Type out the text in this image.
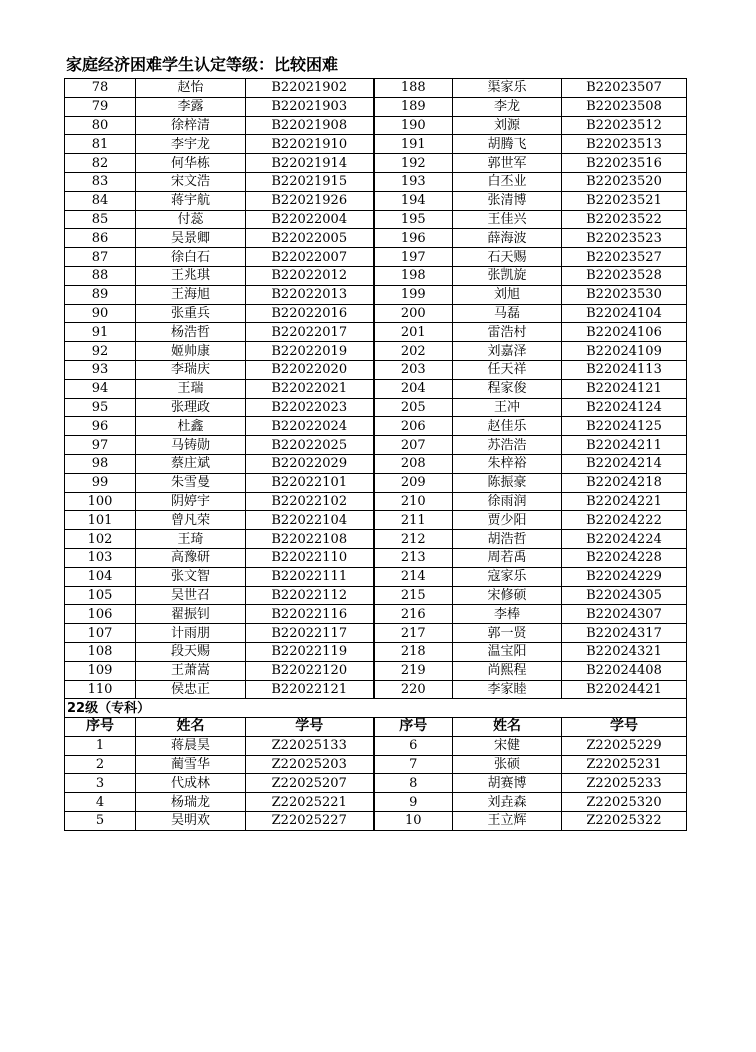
家庭经济困难学生认定等级：比较困难
78	赵怡	B22021902	188	渠家乐	B22023507
79	李露	B22021903	189	李龙	B22023508
80	徐梓清	B22021908	190	刘源	B22023512
81	李宇龙	B22021910	191	胡腾飞	B22023513
82	何华栋	B22021914	192	郭世军	B22023516
83	宋文浩	B22021915	193	白丕业	B22023520
84	蒋宇航	B22021926	194	张清博	B22023521
85	付蕊	B22022004	195	王佳兴	B22023522
86	吴景卿	B22022005	196	薛海波	B22023523
87	徐白石	B22022007	197	石天赐	B22023527
88	王兆琪	B22022012	198	张凯旋	B22023528
89	王海旭	B22022013	199	刘旭	B22023530
90	张重兵	B22022016	200	马磊	B22024104
91	杨浩哲	B22022017	201	雷浩村	B22024106
92	姬帅康	B22022019	202	刘嘉泽	B22024109
93	李瑞庆	B22022020	203	任天祥	B22024113
94	王瑞	B22022021	204	程家俊	B22024121
95	张理政	B22022023	205	王冲	B22024124
96	杜鑫	B22022024	206	赵佳乐	B22024125
97	马铸勋	B22022025	207	苏浩浩	B22024211
98	蔡庄斌	B22022029	208	朱梓裕	B22024214
99	朱雪曼	B22022101	209	陈振豪	B22024218
100	阴婷宇	B22022102	210	徐雨润	B22024221
101	曾凡荣	B22022104	211	贾少阳	B22024222
102	王琦	B22022108	212	胡浩哲	B22024224
103	高豫研	B22022110	213	周若禹	B22024228
104	张文智	B22022111	214	寇家乐	B22024229
105	吴世召	B22022112	215	宋修硕	B22024305
106	翟振钊	B22022116	216	李棒	B22024307
107	计雨朋	B22022117	217	郭一贤	B22024317
108	段天赐	B22022119	218	温宝阳	B22024321
109	王萧嵩	B22022120	219	尚熙程	B22024408
110	侯忠正	B22022121	220	李家睦	B22024421
22级（专科）					
序号	姓名	学号	序号	姓名	学号
1	蒋晨昊	Z22025133	6	宋健	Z22025229
2	蔺雪华	Z22025203	7	张硕	Z22025231
3	代成林	Z22025207	8	胡赛博	Z22025233
4	杨瑞龙	Z22025221	9	刘垚森	Z22025320
5	吴明欢	Z22025227	10	王立辉	Z22025322
